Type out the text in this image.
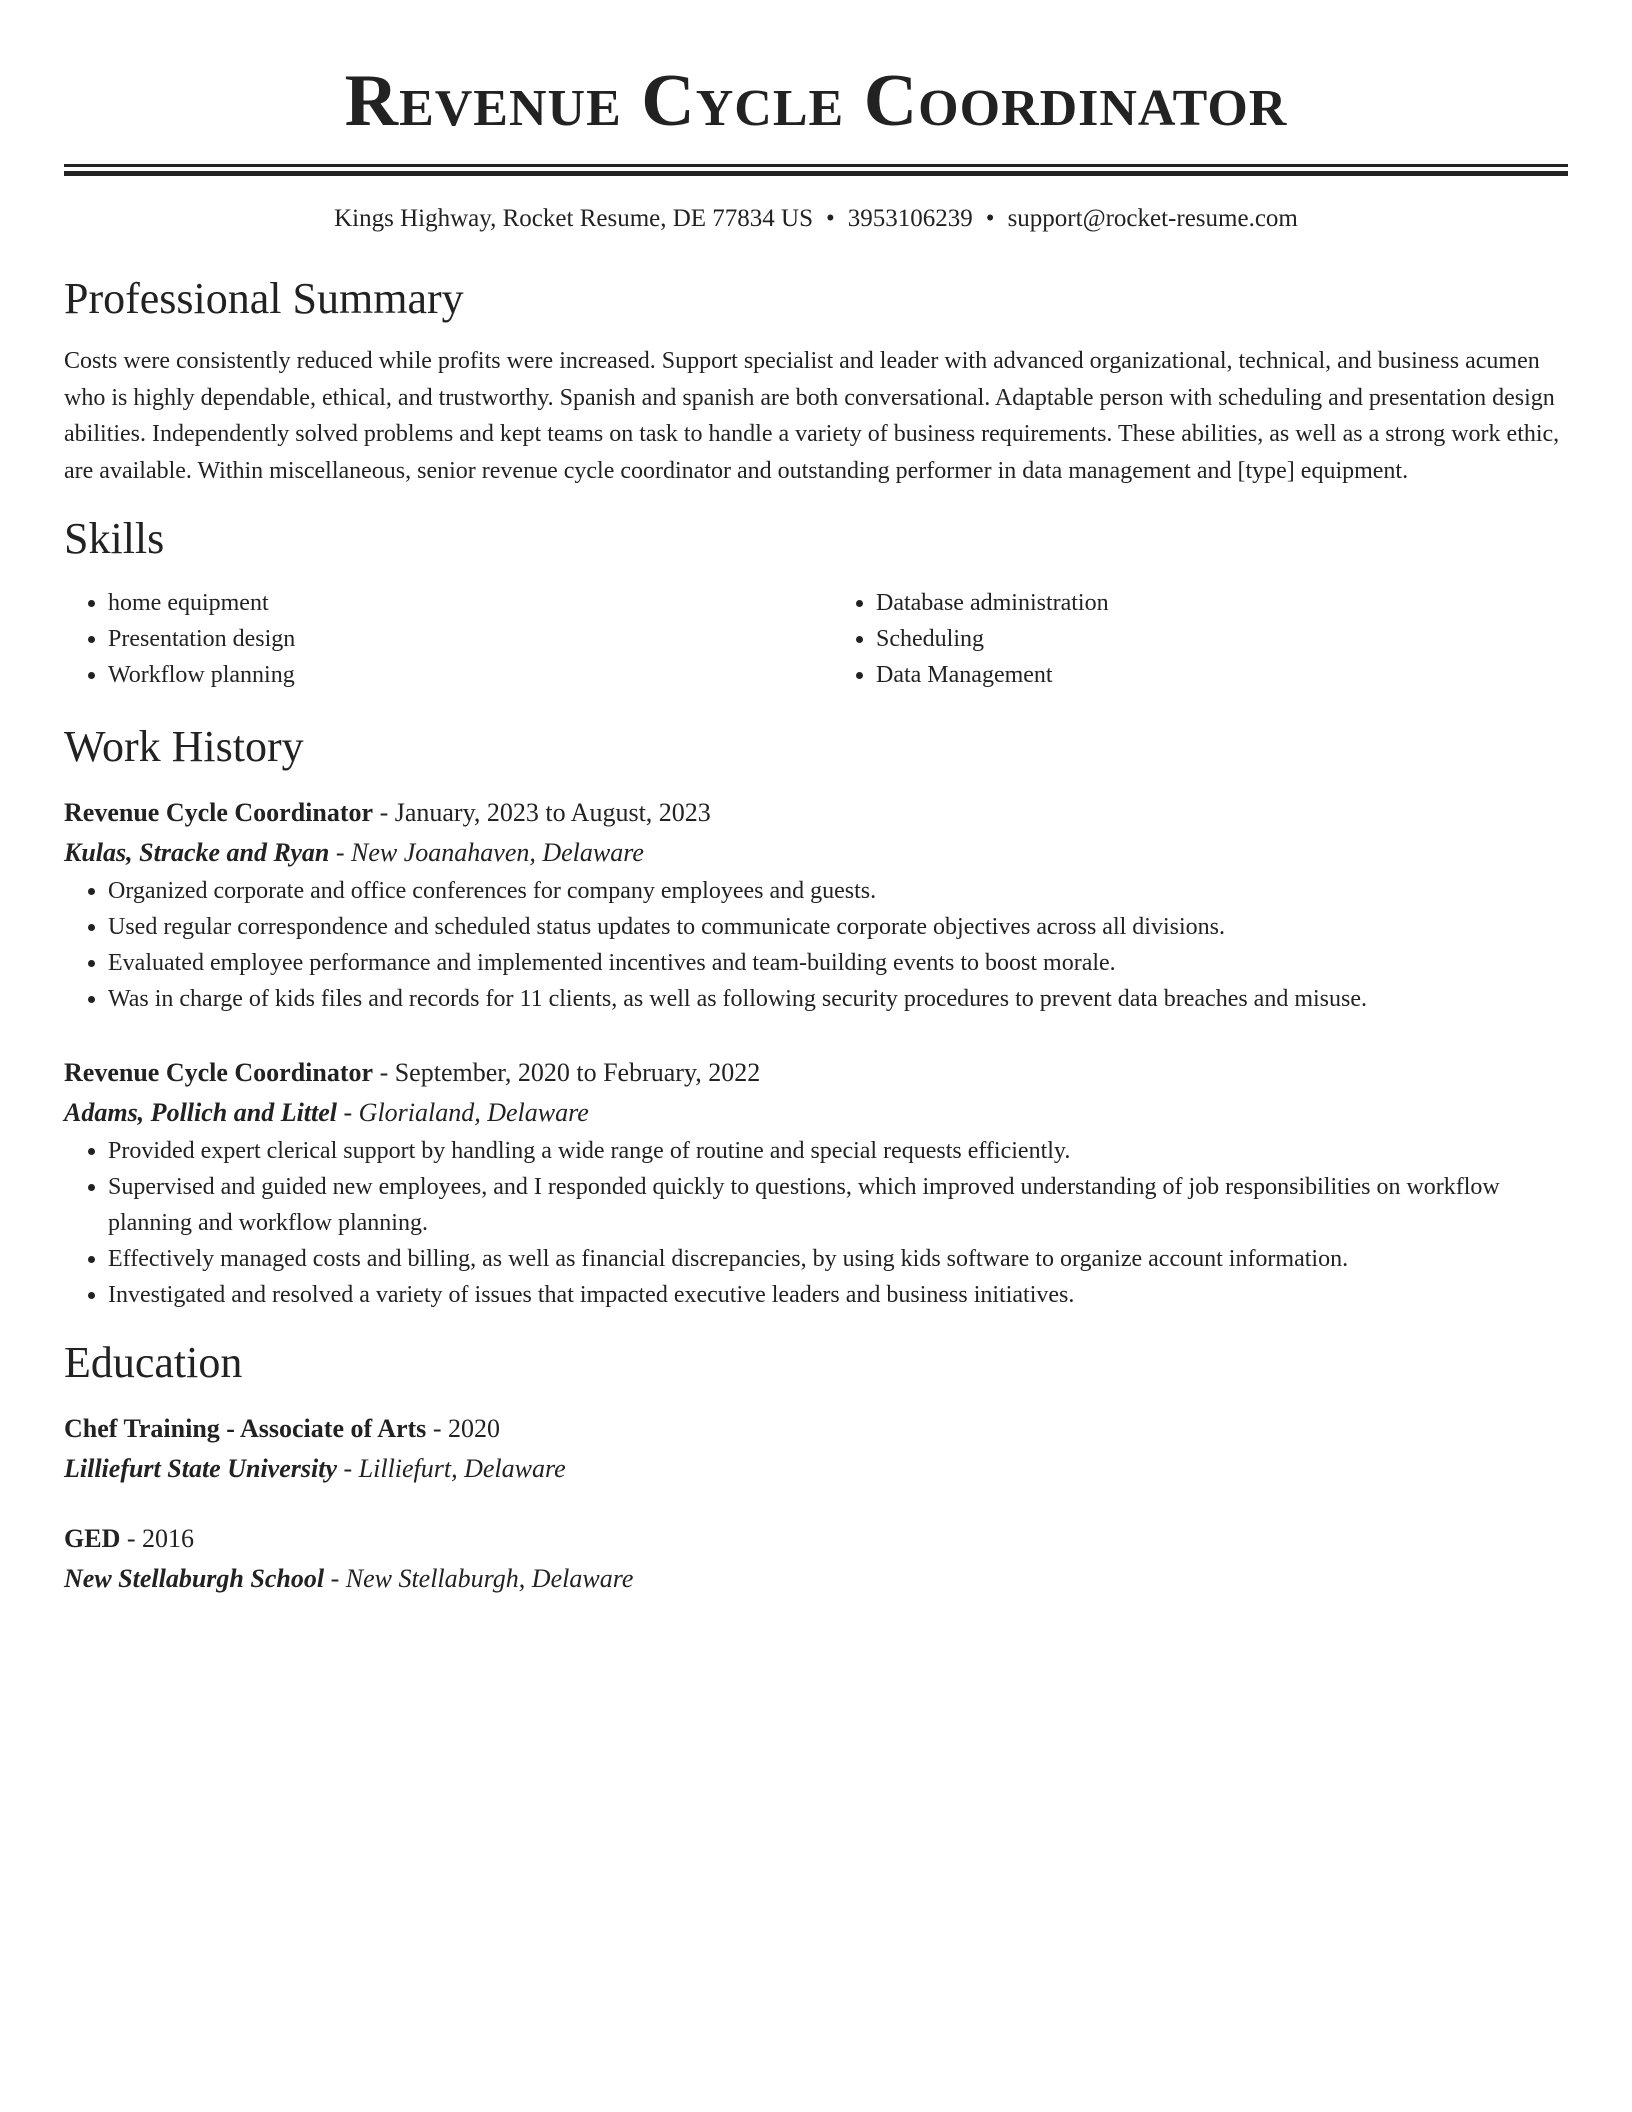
Revenue Cycle Coordinator
Kings Highway, Rocket Resume, DE 77834 US • 3953106239 • support@rocket-resume.com
Professional Summary

Costs were consistently reduced while profits were increased. Support specialist and leader with advanced organizational, technical, and business acumen who is highly dependable, ethical, and trustworthy. Spanish and spanish are both conversational. Adaptable person with scheduling and presentation design abilities. Independently solved problems and kept teams on task to handle a variety of business requirements. These abilities, as well as a strong work ethic, are available. Within miscellaneous, senior revenue cycle coordinator and outstanding performer in data management and [type] equipment.

Skills
• home equipment
• Presentation design
• Workflow planning
• Database administration
• Scheduling
• Data Management
Work History
Revenue Cycle Coordinator - January, 2023 to August, 2023
Kulas, Stracke and Ryan - New Joanahaven, Delaware
• Organized corporate and office conferences for company employees and guests.
• Used regular correspondence and scheduled status updates to communicate corporate objectives across all divisions.
• Evaluated employee performance and implemented incentives and team-building events to boost morale.
• Was in charge of kids files and records for 11 clients, as well as following security procedures to prevent data breaches and misuse.
Revenue Cycle Coordinator - September, 2020 to February, 2022
Adams, Pollich and Littel - Glorialand, Delaware
• Provided expert clerical support by handling a wide range of routine and special requests efficiently.
• Supervised and guided new employees, and I responded quickly to questions, which improved understanding of job responsibilities on workflow planning and workflow planning.
• Effectively managed costs and billing, as well as financial discrepancies, by using kids software to organize account information.
• Investigated and resolved a variety of issues that impacted executive leaders and business initiatives.
Education
Chef Training - Associate of Arts - 2020
Lilliefurt State University - Lilliefurt, Delaware
GED - 2016
New Stellaburgh School - New Stellaburgh, Delaware
